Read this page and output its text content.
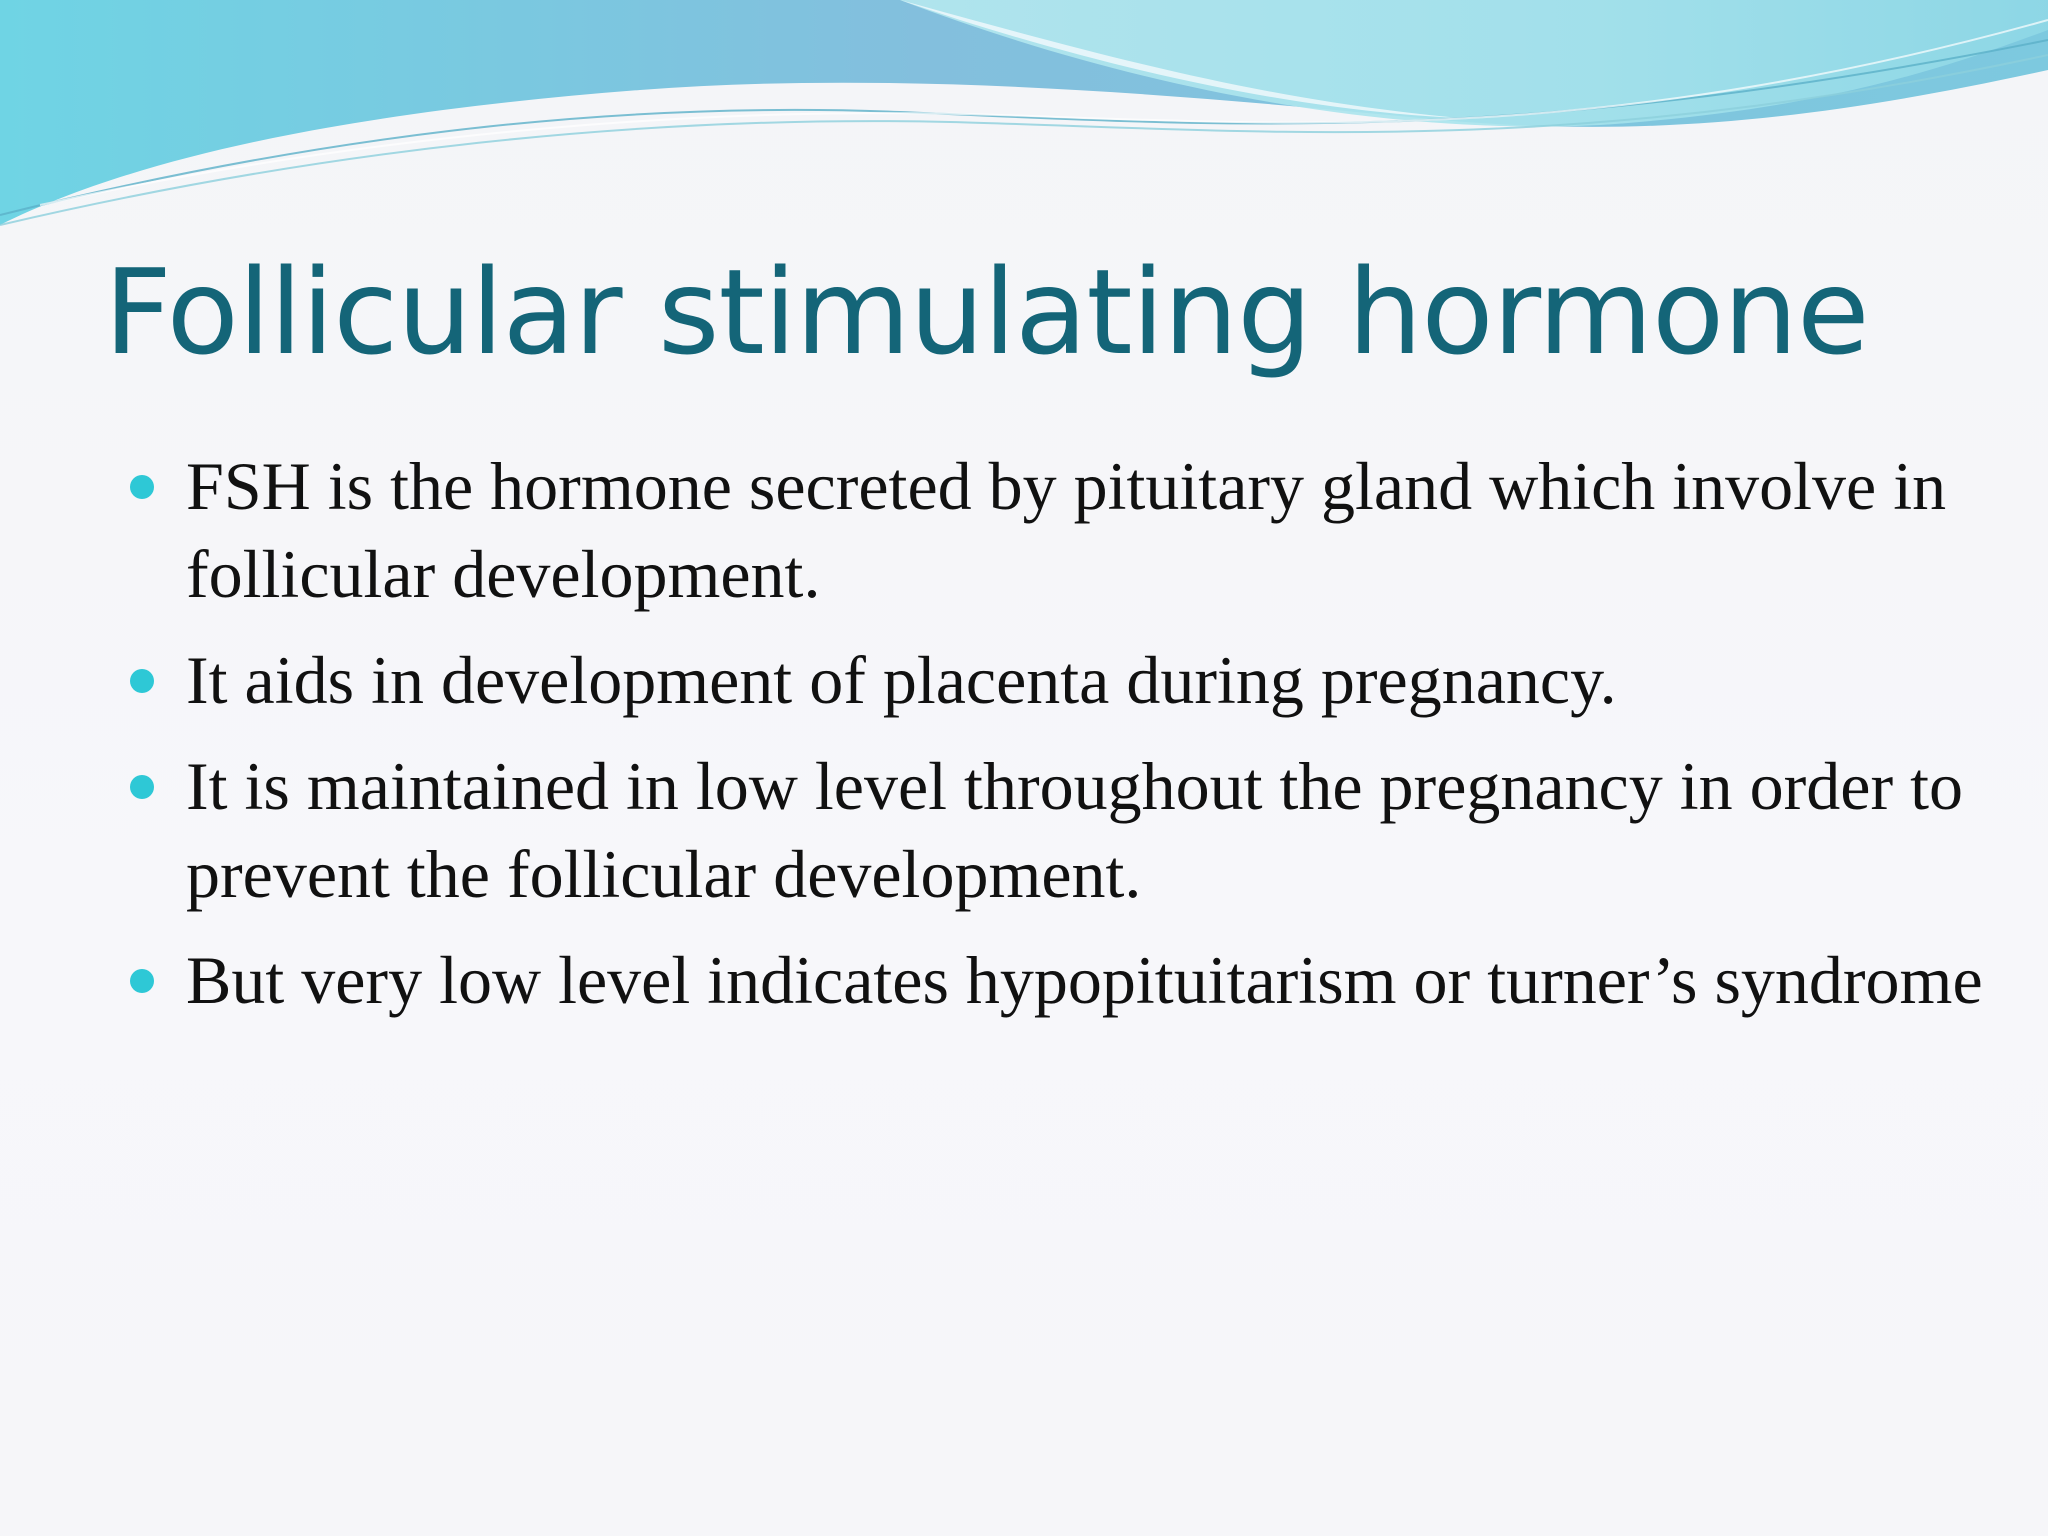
Follicular stimulating hormone
FSH is the hormone secreted by pituitary gland which involve in follicular development.
It aids in development of placenta during pregnancy.
It is maintained in low level throughout the pregnancy in order to prevent the follicular development.
But very low level indicates hypopituitarism or turner’s syndrome
